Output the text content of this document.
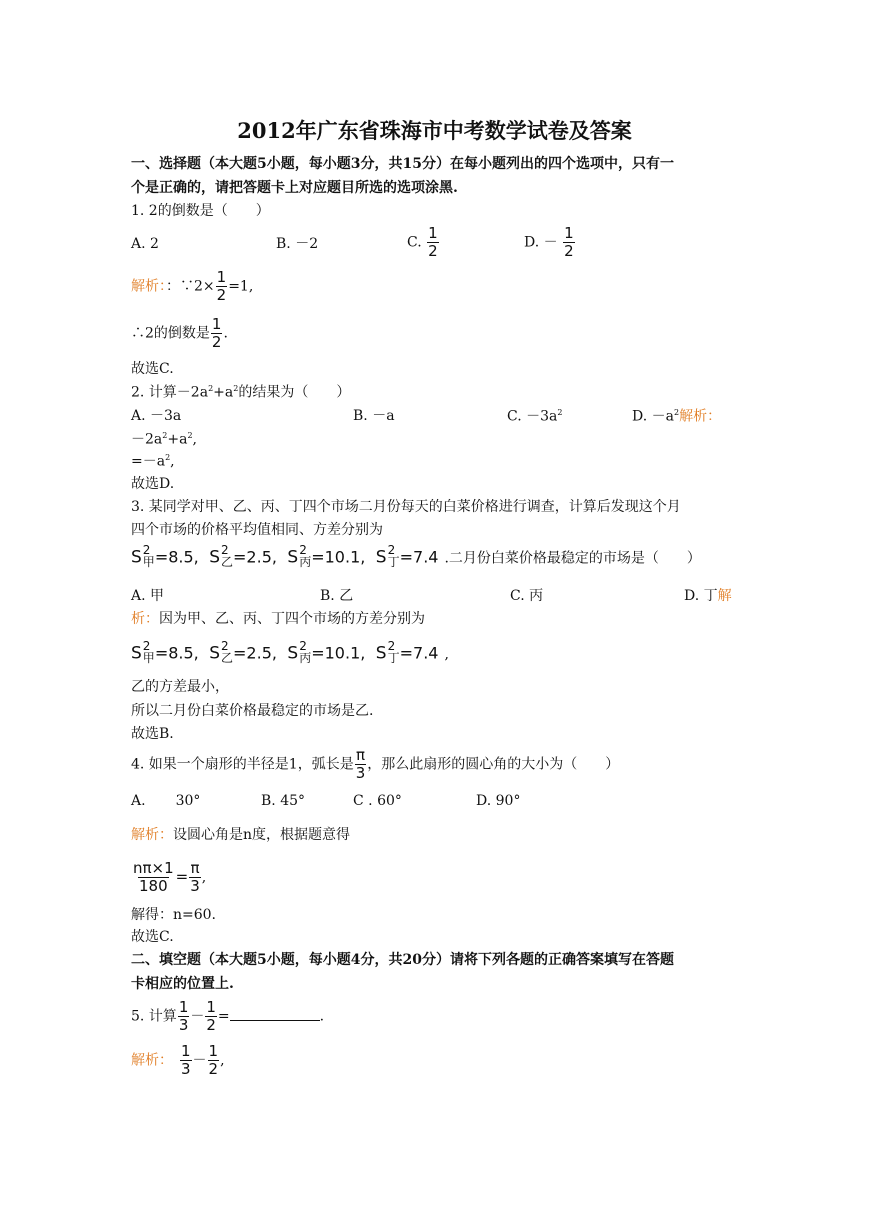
2012年广东省珠海市中考数学试卷及答案
一、选择题（本大题5小题，每小题3分，共15分）在每小题列出的四个选项中，只有一
个是正确的，请把答题卡上对应题目所选的选项涂黑.
1. 2的倒数是（　　）
A. 2	B. －2	C. $\frac{1}{2}$	D. － $\frac{1}{2}$
解析：：∵2× $\frac{1}{2} =1$,
∴2的倒数是 $\frac{1}{2}$ .
故选C.
2. 计算$-2a^2+a^2$的结果为（　　）
A. －3a	B. －a	C. $-3a^2$	D. $-a^2$解析：
$-2a^2+a^2$,
$=-a^2$,
故选D.
3. 某同学对甲、乙、丙、丁四个市场二月份每天的白菜价格进行调查，计算后发现这个月
四个市场的价格平均值相同、方差分别为
S 2
甲 =8.5, S 2
乙 =2.5, S 2
丙 =10.1, S 2
丁 =7.4 .二月份白菜价格最稳定的市场是（　　）
A. 甲	B. 乙	C. 丙	D. 丁解
析：因为甲、乙、丙、丁四个市场的方差分别为
S 2
甲 =8.5, S 2
乙 =2.5, S 2
丙 =10.1, S 2
丁 =7.4 ,
乙的方差最小，
所以二月份白菜价格最稳定的市场是乙.
故选B.
4. 如果一个扇形的半径是1，弧长是 $\frac{\pi}{3}$ ，那么此扇形的圆心角的大小为（　　）
A. 30°	B. 45°	C . 60°	D. 90°
解析：设圆心角是n度，根据题意得
$\frac{n\pi\times 1}{180} = \frac{\pi}{3}$ ,
解得：n=60.
故选C.
二、填空题（本大题5小题，每小题4分，共20分）请将下列各题的正确答案填写在答题
卡相应的位置上.
5. 计算 $\frac{1}{3} - \frac{1}{2}$ =	.
解析： $\frac{1}{3} - \frac{1}{2}$ ,
